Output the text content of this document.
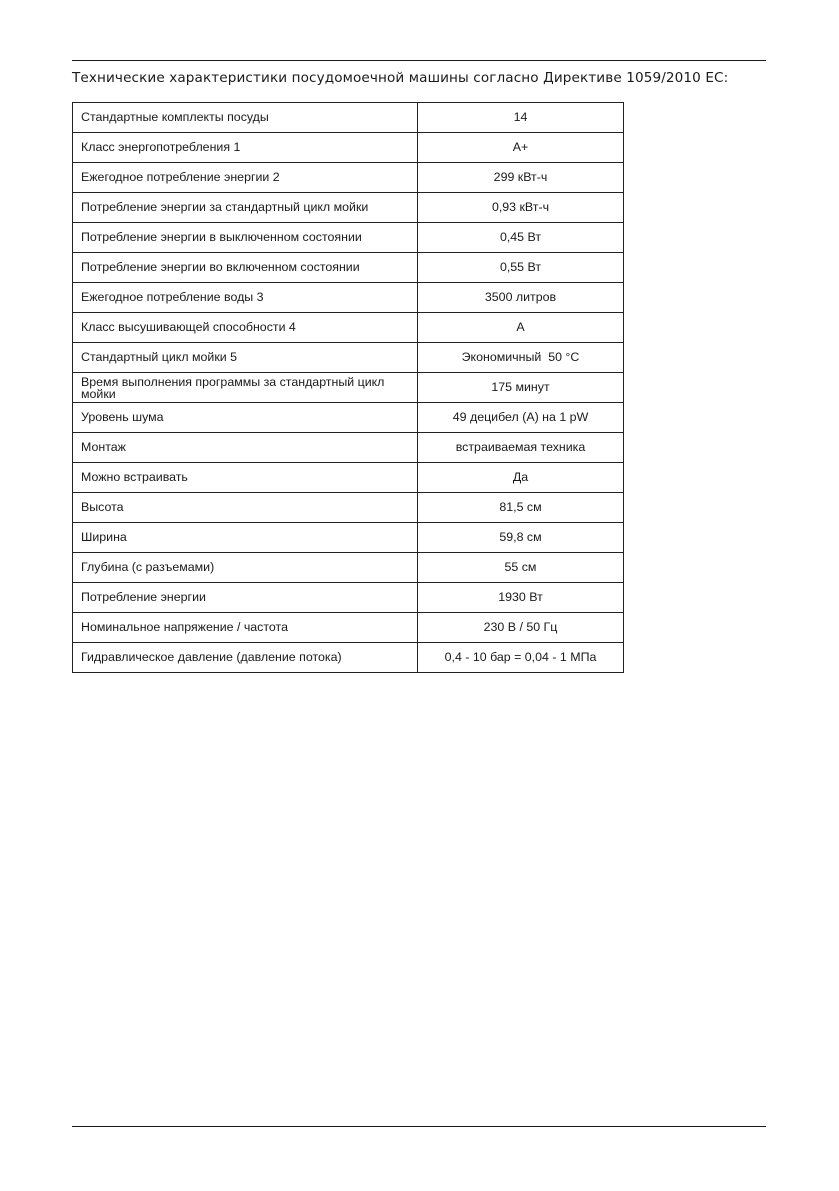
Технические характеристики посудомоечной машины согласно Директиве 1059/2010 ЕС:
Стандартные комплекты посуды	14
Класс энергопотребления 1	A+
Ежегодное потребление энергии 2	299 кВт-ч
Потребление энергии за стандартный цикл мойки	0,93 кВт-ч
Потребление энергии в выключенном состоянии	0,45 Вт
Потребление энергии во включенном состоянии	0,55 Вт
Ежегодное потребление воды 3	3500 литров
Класс высушивающей способности 4	А
Стандартный цикл мойки 5	Экономичный  50 °C
Время выполнения программы за стандартный цикл мойки	175 минут
Уровень шума	49 децибел (А) на 1 pW
Монтаж	встраиваемая техника
Можно встраивать	Да
Высота	81,5 см
Ширина	59,8 см
Глубина (с разъемами)	55 см
Потребление энергии	1930 Вт
Номинальное напряжение / частота	230 В / 50 Гц
Гидравлическое давление (давление потока)	0,4 - 10 бар = 0,04 - 1 МПа
